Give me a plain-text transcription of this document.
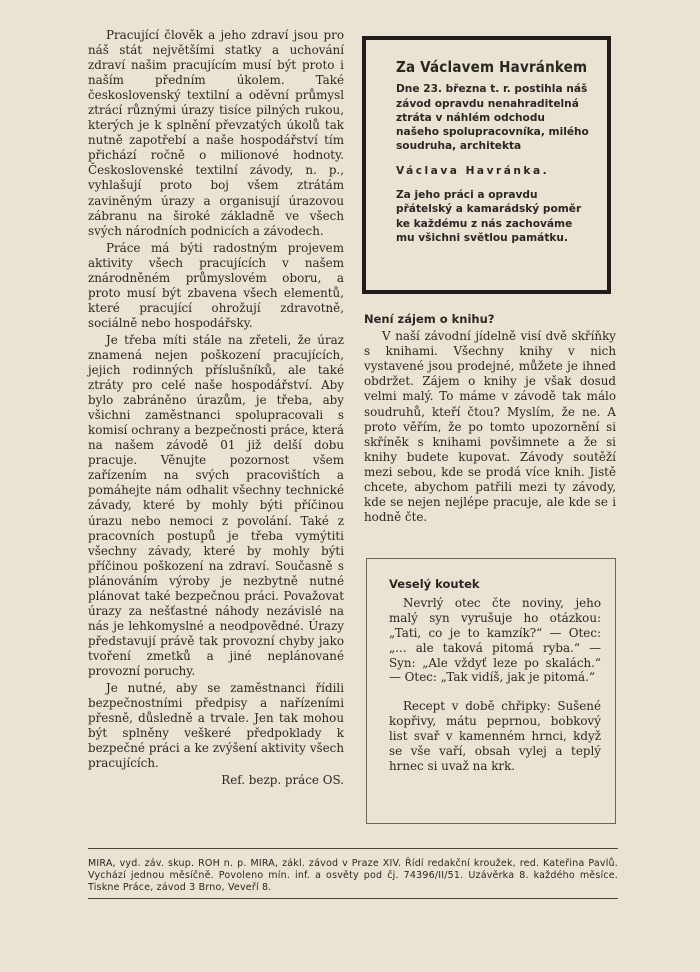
Pracující člověk a jeho zdraví jsou pro náš stát největšími statky a uchování zdraví našim pracujícím musí být proto i naším předním úkolem. Také československý textilní a oděvní průmysl ztrácí různými úrazy tisíce pilných rukou, kterých je k splnění převzatých úkolů tak nutně zapotřebí a naše hospodářství tím přichází ročně o milionové hodnoty. Československé textilní závody, n. p., vyhlašují proto boj všem ztrátám zaviněným úrazy a organisují úrazovou zábranu na široké základně ve všech svých národních podnicích a závodech.

Práce má býti radostným projevem aktivity všech pracujících v našem znárodněném průmyslovém oboru, a proto musí být zbavena všech elementů, které pracující ohrožují zdravotně, sociálně nebo hospodářsky.

Je třeba míti stále na zřeteli, že úraz znamená nejen poškození pracujících, jejich rodinných příslušníků, ale také ztráty pro celé naše hospodářství. Aby bylo zabráněno úrazům, je třeba, aby všichni zaměstnanci spolupracovali s komisí ochrany a bezpečnosti práce, která na našem závodě 01 již delší dobu pracuje. Věnujte pozornost všem zařízením na svých pracovištích a pomáhejte nám odhalit všechny technické závady, které by mohly býti příčinou úrazu nebo nemoci z povolání. Také z pracovních postupů je třeba vymýtiti všechny závady, které by mohly býti příčinou poškození na zdraví. Současně s plánováním výroby je nezbytně nutné plánovat také bezpečnou práci. Považovat úrazy za nešťastné náhody nezávislé na nás je lehkomyslné a neodpovědné. Úrazy představují právě tak provozní chyby jako tvoření zmetků a jiné neplánované provozní poruchy.

Je nutné, aby se zaměstnanci řídili bezpečnostními předpisy a nařízeními přesně, důsledně a trvale. Jen tak mohou být splněny veškeré předpoklady k bezpečné práci a ke zvýšení aktivity všech pracujících.

Ref. bezp. práce OS.

Za Václavem Havránkem

Dne 23. března t. r. postihla náš závod opravdu nenahraditelná ztráta v náhlém odchodu našeho spolupracovníka, milého soudruha, architekta

Václava Havránka.

Za jeho práci a opravdu přátelský a kamarádský poměr ke každému z nás zachováme mu všichni světlou památku.

Není zájem o knihu?

V naší závodní jídelně visí dvě skříňky s knihami. Všechny knihy v nich vystavené jsou prodejné, můžete je ihned obdržet. Zájem o knihy je však dosud velmi malý. To máme v závodě tak málo soudruhů, kteří čtou? Myslím, že ne. A proto věřím, že po tomto upozornění si skříněk s knihami povšimnete a že si knihy budete kupovat. Závody soutěží mezi sebou, kde se prodá více knih. Jistě chcete, abychom patřili mezi ty závody, kde se nejen nejlépe pracuje, ale kde se i hodně čte.

Veselý koutek

Nevrlý otec čte noviny, jeho malý syn vyrušuje ho otázkou: „Tati, co je to kamzík?“ — Otec: „... ale taková pitomá ryba.“ — Syn: „Ale vždyť leze po skalách.“ — Otec: „Tak vidíš, jak je pitomá.“

Recept v době chřipky: Sušené kopřivy, mátu peprnou, bobkový list svař v kamenném hrnci, když se vše vaří, obsah vylej a teplý hrnec si uvaž na krk.

MIRA, vyd. záv. skup. ROH n. p. MIRA, zákl. závod v Praze XIV. Řídí redakční kroužek, red. Kateřina Pavlů. Vychází jednou měsíčně. Povoleno mín. inf. a osvěty pod čj. 74396/II/51. Uzávěrka 8. každého měsíce. Tiskne Práce, závod 3 Brno, Veveří 8.
